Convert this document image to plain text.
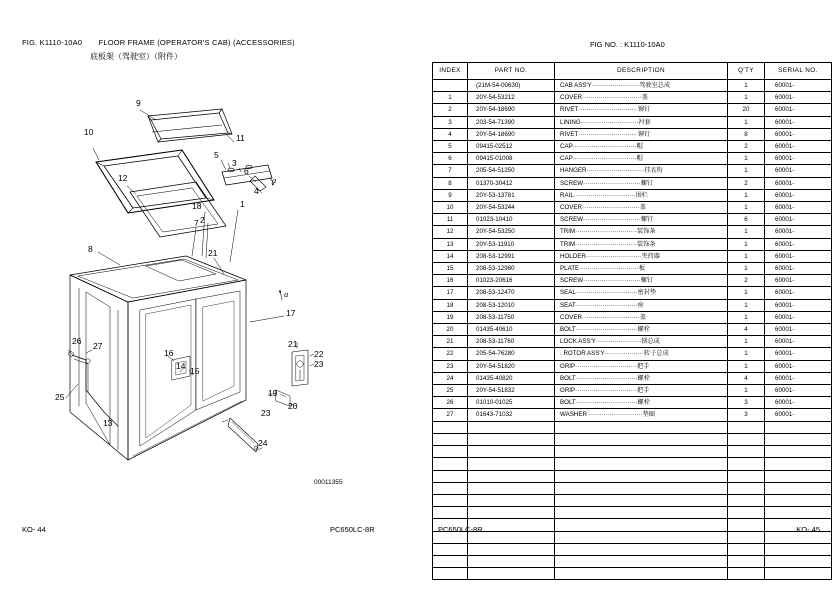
FIG. K1110-10A0 FLOOR FRAME (OPERATOR'S CAB) (ACCESSORIES)
底板架（驾驶室）（附件）
9
10
11
5
3
6
12
4
2
1
18
7
8	21
17
26 27
16
14 15
21
22
23
19
20
25
13
23
24
a
a
00011355
KO- 44	PC650LC-8R
FIG NO. : K1110-10A0
INDEX	PART NO.	DESCRIPTION	Q'TY	SERIAL NO.
	(21M-54-00630)	CAB ASS'Y·······················驾驶室总成	1	60001-
1	20Y-54-53212	COVER·····························盖	1	60001-
2	20Y-54-18690	RIVET·····························铆钉	20	60001-
3	203-54-71390	LINING····························衬套	1	60001-
4	20Y-54-18690	RIVET·····························铆钉	8	60001-
5	09415-02512	CAP·······························帽	2	60001-
6	09415-01008	CAP·······························帽	1	60001-
7	205-54-51250	HANGER····························挂衣钩	1	60001-
8	01370-30412	SCREW····························螺钉	2	60001-
9	20Y-53-13781	RAIL······························围栏	1	60001-
10	20Y-54-53244	COVER····························盖	1	60001-
11	01023-10410	SCREW····························螺钉	6	60001-
12	20Y-54-53250	TRIM······························装饰条	1	60001-
13	20Y-53-11910	TRIM······························装饰条	1	60001-
14	208-53-12991	HOLDER···························夹持器	1	60001-
15	208-53-12980	PLATE·····························板	1	60001-
16	01023-20616	SCREW····························螺钉	2	60001-
17	208-53-12470	SEAL······························密封垫	1	60001-
18	208-53-12010	SEAT······························座	1	60001-
19	208-53-11750	COVER····························盖	1	60001-
20	01435-40610	BOLT······························螺栓	4	60001-
21	208-53-11760	LOCK ASS'Y······················锁总成	1	60001-
22	205-54-76280	. ROTOR ASS'Y···················转子总成	1	60001-
23	20Y-54-51820	GRIP······························把手	1	60001-
24	01435-40820	BOLT······························螺栓	4	60001-
25	20Y-54-51832	GRIP······························把手	1	60001-
26	01010-01025	BOLT······························螺栓	3	60001-
27	01643-71032	WASHER···························垫圈	3	60001-

PC650LC-8R	KO- 45
